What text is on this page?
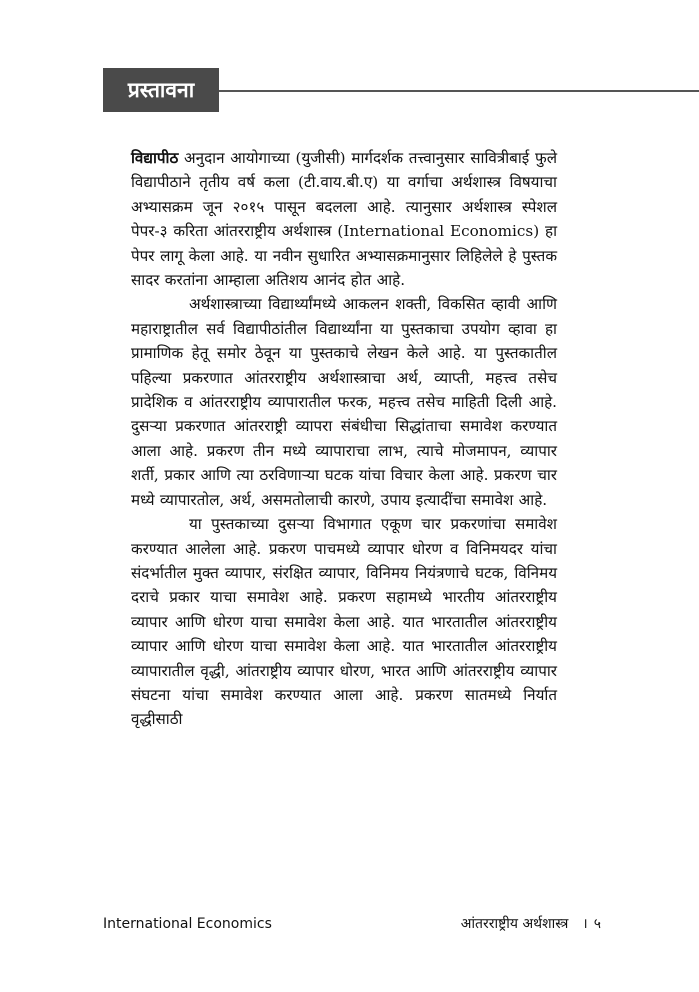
प्रस्तावना

विद्यापीठ अनुदान आयोगाच्या (युजीसी) मार्गदर्शक तत्त्वानुसार सावित्रीबाई फुले विद्यापीठाने तृतीय वर्ष कला (टी.वाय.बी.ए) या वर्गाचा अर्थशास्त्र विषयाचा अभ्यासक्रम जून २०१५ पासून बदलला आहे. त्यानुसार अर्थशास्त्र स्पेशल पेपर-३ करिता आंतरराष्ट्रीय अर्थशास्त्र (International Economics) हा पेपर लागू केला आहे. या नवीन सुधारित अभ्यासक्रमानुसार लिहिलेले हे पुस्तक सादर करतांना आम्हाला अतिशय आनंद होत आहे.

अर्थशास्त्राच्या विद्यार्थ्यांमध्ये आकलन शक्ती, विकसित व्हावी आणि महाराष्ट्रातील सर्व विद्यापीठांतील विद्यार्थ्यांना या पुस्तकाचा उपयोग व्हावा हा प्रामाणिक हेतू समोर ठेवून या पुस्तकाचे लेखन केले आहे. या पुस्तकातील पहिल्या प्रकरणात आंतरराष्ट्रीय अर्थशास्त्राचा अर्थ, व्याप्ती, महत्त्व तसेच प्रादेशिक व आंतरराष्ट्रीय व्यापारातील फरक, महत्त्व तसेच माहिती दिली आहे. दुसऱ्या प्रकरणात आंतरराष्ट्री व्यापरा संबंधीचा सिद्धांताचा समावेश करण्यात आला आहे. प्रकरण तीन मध्ये व्यापाराचा लाभ, त्याचे मोजमापन, व्यापार शर्ती, प्रकार आणि त्या ठरविणाऱ्या घटक यांचा विचार केला आहे. प्रकरण चार मध्ये व्यापारतोल, अर्थ, असमतोलाची कारणे, उपाय इत्यादींचा समावेश आहे.

या पुस्तकाच्या दुसऱ्या विभागात एकूण चार प्रकरणांचा समावेश करण्यात आलेला आहे. प्रकरण पाचमध्ये व्यापार धोरण व विनिमयदर यांचा संदर्भातील मुक्त व्यापार, संरक्षित व्यापार, विनिमय नियंत्रणाचे घटक, विनिमय दराचे प्रकार याचा समावेश आहे. प्रकरण सहामध्ये भारतीय आंतरराष्ट्रीय व्यापार आणि धोरण याचा समावेश केला आहे. यात भारतातील आंतरराष्ट्रीय व्यापार आणि धोरण याचा समावेश केला आहे. यात भारतातील आंतरराष्ट्रीय व्यापारातील वृद्धी, आंतराष्ट्रीय व्यापार धोरण, भारत आणि आंतरराष्ट्रीय व्यापार संघटना यांचा समावेश करण्यात आला आहे. प्रकरण सातमध्ये निर्यात वृद्धीसाठी

International Economics	आंतरराष्ट्रीय अर्थशास्त्र । ५
